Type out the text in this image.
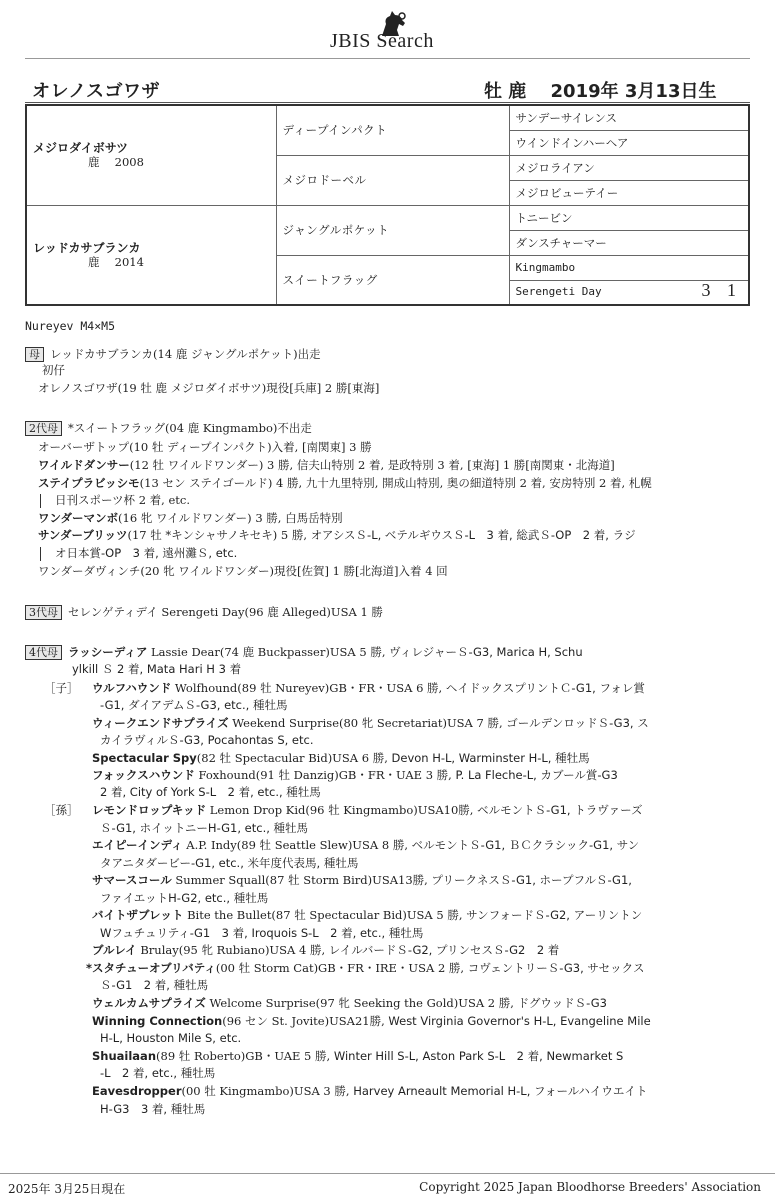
JBIS Search
オレノスゴワザ	牡 鹿　 2019年 3月13日生
メジロダイボサツ
鹿　 2008	ディープインパクト	サンデーサイレンス
		ウインドインハーヘア
	メジロドーベル	メジロライアン
		メジロビューテイー
レッドカサブランカ
鹿　 2014	ジャングルポケット	トニービン
		ダンスチャーマー
	スイートフラッグ	Kingmambo
		Serengeti Day 3 1
Nureyev M4×M5
母 レッドカサブランカ(14 鹿 ジャングルポケット)出走
初仔
オレノスゴワザ(19 牡 鹿 メジロダイボサツ)現役[兵庫] 2 勝[東海]
2代母 *スイートフラッグ(04 鹿 Kingmambo)不出走
オーバーザトップ(10 牡 ディープインパクト)入着, [南関東] 3 勝
ワイルドダンサー(12 牡 ワイルドワンダー) 3 勝, 信夫山特別 2 着, 是政特別 3 着, [東海] 1 勝[南関東・北海道]
ステイプラビッシモ(13 セン ステイゴールド) 4 勝, 九十九里特別, 開成山特別, 奥の細道特別 2 着, 安房特別 2 着, 札幌
日刊スポーツ杯 2 着, etc.
ワンダーマンボ(16 牝 ワイルドワンダー) 3 勝, 白馬岳特別
サンダーブリッツ(17 牡 *キンシャサノキセキ) 5 勝, オアシスＳ-L, ベテルギウスＳ-L　3 着, 総武Ｓ-OP　2 着, ラジ
オ日本賞-OP　3 着, 遠州灘Ｓ, etc.
ワンダーダヴィンチ(20 牝 ワイルドワンダー)現役[佐賀] 1 勝[北海道]入着 4 回
3代母 セレンゲティデイ Serengeti Day(96 鹿 Alleged)USA 1 勝
4代母 ラッシーディア Lassie Dear(74 鹿 Buckpasser)USA 5 勝, ヴィレジャーＳ-G3, Marica H, Schu
ylkill Ｓ 2 着, Mata Hari H 3 着
［子］ ウルフハウンド Wolfhound(89 牡 Nureyev)GB・FR・USA 6 勝, ヘイドックスプリントＣ-G1, フォレ賞
-G1, ダイアデムＳ-G3, etc., 種牡馬
ウィークエンドサプライズ Weekend Surprise(80 牝 Secretariat)USA 7 勝, ゴールデンロッドＳ-G3, ス
カイラヴィルＳ-G3, Pocahontas S, etc.
Spectacular Spy(82 牡 Spectacular Bid)USA 6 勝, Devon H-L, Warminster H-L, 種牡馬
フォックスハウンド Foxhound(91 牡 Danzig)GB・FR・UAE 3 勝, P. La Fleche-L, カブール賞-G3
2 着, City of York S-L　2 着, etc., 種牡馬
［孫］ レモンドロップキッド Lemon Drop Kid(96 牡 Kingmambo)USA10勝, ベルモントＳ-G1, トラヴァーズ
Ｓ-G1, ホイットニーH-G1, etc., 種牡馬
エイピーインディ A.P. Indy(89 牡 Seattle Slew)USA 8 勝, ベルモントＳ-G1, ＢＣクラシック-G1, サン
タアニタダービー-G1, etc., 米年度代表馬, 種牡馬
サマースコール Summer Squall(87 牡 Storm Bird)USA13勝, プリークネスＳ-G1, ホープフルＳ-G1,
ファイエットH-G2, etc., 種牡馬
バイトザブレット Bite the Bullet(87 牡 Spectacular Bid)USA 5 勝, サンフォードＳ-G2, アーリントン
Wフュチュリティ-G1　3 着, Iroquois S-L　2 着, etc., 種牡馬
ブルレイ Brulay(95 牝 Rubiano)USA 4 勝, レイルバードＳ-G2, プリンセスＳ-G2　2 着
*スタチューオブリバティ(00 牡 Storm Cat)GB・FR・IRE・USA 2 勝, コヴェントリーＳ-G3, サセックス
Ｓ-G1　2 着, 種牡馬
ウェルカムサプライズ Welcome Surprise(97 牝 Seeking the Gold)USA 2 勝, ドグウッドＳ-G3
Winning Connection(96 セン St. Jovite)USA21勝, West Virginia Governor's H-L, Evangeline Mile
H-L, Houston Mile S, etc.
Shuailaan(89 牡 Roberto)GB・UAE 5 勝, Winter Hill S-L, Aston Park S-L　2 着, Newmarket S
-L　2 着, etc., 種牡馬
Eavesdropper(00 牡 Kingmambo)USA 3 勝, Harvey Arneault Memorial H-L, フォールハイウエイト
H-G3　3 着, 種牡馬
2025年 3月25日現在	Copyright 2025 Japan Bloodhorse Breeders' Association
